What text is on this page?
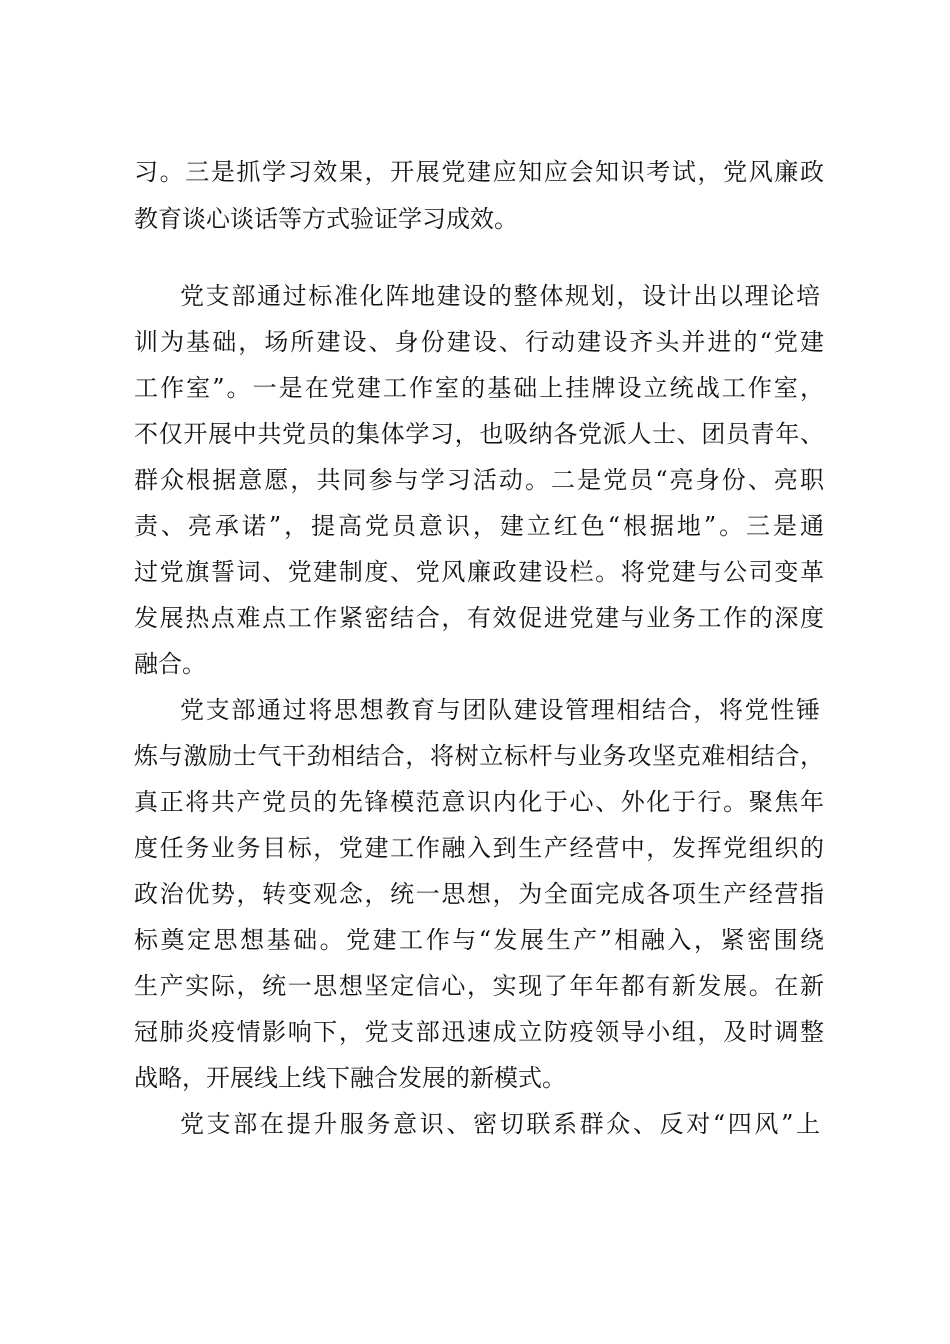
习。三是抓学习效果，开展党建应知应会知识考试，党风廉政
教育谈心谈话等方式验证学习成效。
党支部通过标准化阵地建设的整体规划，设计出以理论培
训为基础，场所建设、身份建设、行动建设齐头并进的“党建
工作室”。一是在党建工作室的基础上挂牌设立统战工作室，
不仅开展中共党员的集体学习，也吸纳各党派人士、团员青年、
群众根据意愿，共同参与学习活动。二是党员“亮身份、亮职
责、亮承诺”，提高党员意识，建立红色“根据地”。三是通
过党旗誓词、党建制度、党风廉政建设栏。将党建与公司变革
发展热点难点工作紧密结合，有效促进党建与业务工作的深度
融合。
党支部通过将思想教育与团队建设管理相结合，将党性锤
炼与激励士气干劲相结合，将树立标杆与业务攻坚克难相结合，
真正将共产党员的先锋模范意识内化于心、外化于行。聚焦年
度任务业务目标，党建工作融入到生产经营中，发挥党组织的
政治优势，转变观念，统一思想，为全面完成各项生产经营指
标奠定思想基础。党建工作与“发展生产”相融入，紧密围绕
生产实际，统一思想坚定信心，实现了年年都有新发展。在新
冠肺炎疫情影响下，党支部迅速成立防疫领导小组，及时调整
战略，开展线上线下融合发展的新模式。
党支部在提升服务意识、密切联系群众、反对“四风”上
